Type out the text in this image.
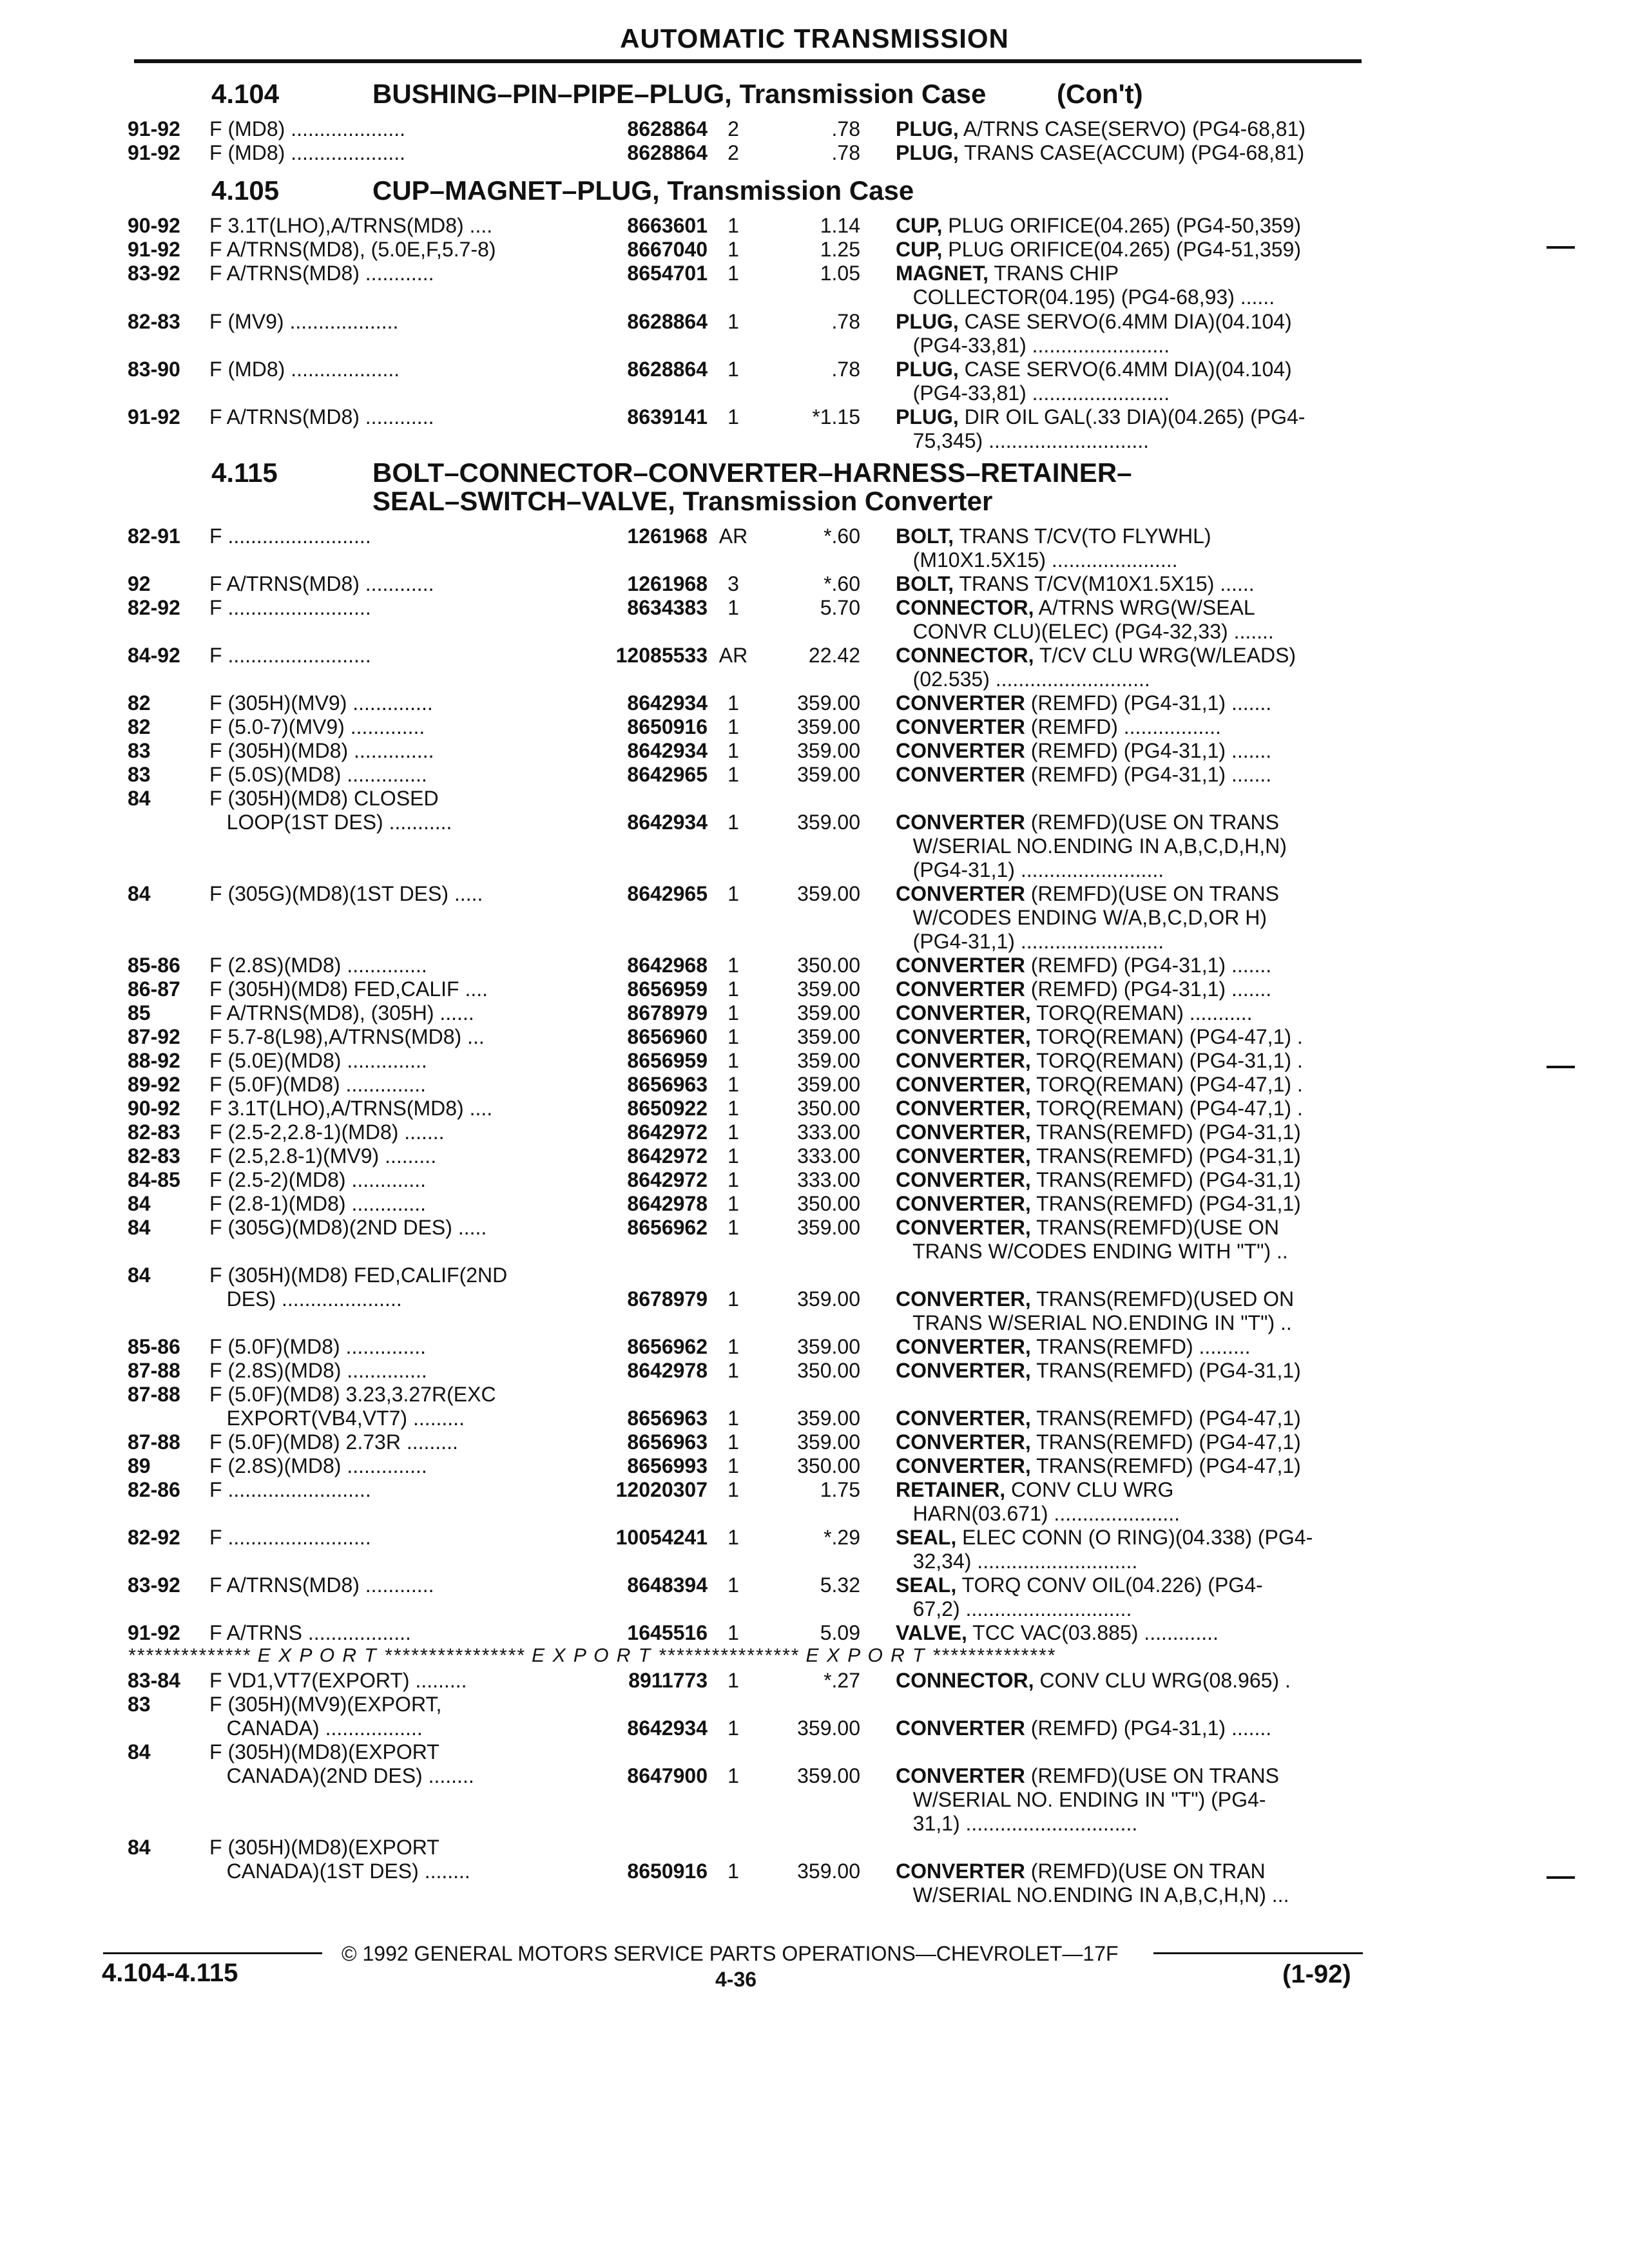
AUTOMATIC TRANSMISSION
4.104	BUSHING–PIN–PIPE–PLUG, Transmission Case	(Con't)
4.105	CUP–MAGNET–PLUG, Transmission Case
4.115	BOLT–CONNECTOR–CONVERTER–HARNESS–RETAINER–
SEAL–SWITCH–VALVE, Transmission Converter
91-92 F (MD8) ....................	8628864 2	.78 PLUG, A/TRNS CASE(SERVO) (PG4-68,81)
91-92 F (MD8) ....................	8628864 2	.78 PLUG, TRANS CASE(ACCUM) (PG4-68,81)
90-92 F 3.1T(LHO),A/TRNS(MD8) ....	8663601 1	1.14 CUP, PLUG ORIFICE(04.265) (PG4-50,359)
91-92 F A/TRNS(MD8), (5.0E,F,5.7-8)	8667040 1	1.25 CUP, PLUG ORIFICE(04.265) (PG4-51,359)
83-92 F A/TRNS(MD8) ............	8654701 1	1.05 MAGNET, TRANS CHIP
COLLECTOR(04.195) (PG4-68,93) ......
82-83 F (MV9) ...................	8628864 1	.78 PLUG, CASE SERVO(6.4MM DIA)(04.104)
(PG4-33,81) ........................
83-90 F (MD8) ...................	8628864 1	.78 PLUG, CASE SERVO(6.4MM DIA)(04.104)
(PG4-33,81) ........................
91-92 F A/TRNS(MD8) ............	8639141 1	*1.15 PLUG, DIR OIL GAL(.33 DIA)(04.265) (PG4-
75,345) ............................
82-91 F .........................	1261968 AR	*.60 BOLT, TRANS T/CV(TO FLYWHL)
(M10X1.5X15) ......................
92	F A/TRNS(MD8) ............	1261968 3	*.60 BOLT, TRANS T/CV(M10X1.5X15) ......
82-92 F .........................	8634383 1	5.70 CONNECTOR, A/TRNS WRG(W/SEAL
CONVR CLU)(ELEC) (PG4-32,33) .......
84-92 F .........................	12085533 AR	22.42 CONNECTOR, T/CV CLU WRG(W/LEADS)
(02.535) ...........................
82	F (305H)(MV9) ..............	8642934 1	359.00 CONVERTER (REMFD) (PG4-31,1) .......
82	F (5.0-7)(MV9) .............	8650916 1	359.00 CONVERTER (REMFD) .................
83	F (305H)(MD8) ..............	8642934 1	359.00 CONVERTER (REMFD) (PG4-31,1) .......
83	F (5.0S)(MD8) ..............	8642965 1	359.00 CONVERTER (REMFD) (PG4-31,1) .......
84	F (305H)(MD8) CLOSED
LOOP(1ST DES) ...........	8642934 1	359.00 CONVERTER (REMFD)(USE ON TRANS
W/SERIAL NO.ENDING IN A,B,C,D,H,N)
(PG4-31,1) .........................
84	F (305G)(MD8)(1ST DES) .....	8642965 1	359.00 CONVERTER (REMFD)(USE ON TRANS
W/CODES ENDING W/A,B,C,D,OR H)
(PG4-31,1) .........................
85-86 F (2.8S)(MD8) ..............	8642968 1	350.00 CONVERTER (REMFD) (PG4-31,1) .......
86-87 F (305H)(MD8) FED,CALIF ....	8656959 1	359.00 CONVERTER (REMFD) (PG4-31,1) .......
85	F A/TRNS(MD8), (305H) ......	8678979 1	359.00 CONVERTER, TORQ(REMAN) ...........
87-92 F 5.7-8(L98),A/TRNS(MD8) ...	8656960 1	359.00 CONVERTER, TORQ(REMAN) (PG4-47,1) .
88-92 F (5.0E)(MD8) ..............	8656959 1	359.00 CONVERTER, TORQ(REMAN) (PG4-31,1) .
89-92 F (5.0F)(MD8) ..............	8656963 1	359.00 CONVERTER, TORQ(REMAN) (PG4-47,1) .
90-92 F 3.1T(LHO),A/TRNS(MD8) ....	8650922 1	350.00 CONVERTER, TORQ(REMAN) (PG4-47,1) .
82-83 F (2.5-2,2.8-1)(MD8) .......	8642972 1	333.00 CONVERTER, TRANS(REMFD) (PG4-31,1)
82-83 F (2.5,2.8-1)(MV9) .........	8642972 1	333.00 CONVERTER, TRANS(REMFD) (PG4-31,1)
84-85 F (2.5-2)(MD8) .............	8642972 1	333.00 CONVERTER, TRANS(REMFD) (PG4-31,1)
84	F (2.8-1)(MD8) .............	8642978 1	350.00 CONVERTER, TRANS(REMFD) (PG4-31,1)
84	F (305G)(MD8)(2ND DES) .....	8656962 1	359.00 CONVERTER, TRANS(REMFD)(USE ON
TRANS W/CODES ENDING WITH "T") ..
84	F (305H)(MD8) FED,CALIF(2ND
DES) .....................	8678979 1	359.00 CONVERTER, TRANS(REMFD)(USED ON
TRANS W/SERIAL NO.ENDING IN "T") ..
85-86 F (5.0F)(MD8) ..............	8656962 1	359.00 CONVERTER, TRANS(REMFD) .........
87-88 F (2.8S)(MD8) ..............	8642978 1	350.00 CONVERTER, TRANS(REMFD) (PG4-31,1)
87-88 F (5.0F)(MD8) 3.23,3.27R(EXC
EXPORT(VB4,VT7) .........	8656963 1	359.00 CONVERTER, TRANS(REMFD) (PG4-47,1)
87-88 F (5.0F)(MD8) 2.73R .........	8656963 1	359.00 CONVERTER, TRANS(REMFD) (PG4-47,1)
89	F (2.8S)(MD8) ..............	8656993 1	350.00 CONVERTER, TRANS(REMFD) (PG4-47,1)
82-86 F .........................	12020307 1	1.75 RETAINER, CONV CLU WRG
HARN(03.671) ......................
82-92 F .........................	10054241 1	*.29 SEAL, ELEC CONN (O RING)(04.338) (PG4-
32,34) ............................
83-92 F A/TRNS(MD8) ............	8648394 1	5.32 SEAL, TORQ CONV OIL(04.226) (PG4-
67,2) .............................
91-92 F A/TRNS ..................	1645516 1	5.09 VALVE, TCC VAC(03.885) .............
************** E X P O R T **************** E X P O R T **************** E X P O R T **************
83-84 F VD1,VT7(EXPORT) .........	8911773 1	*.27 CONNECTOR, CONV CLU WRG(08.965) .
83	F (305H)(MV9)(EXPORT,
CANADA) .................	8642934 1	359.00 CONVERTER (REMFD) (PG4-31,1) .......
84	F (305H)(MD8)(EXPORT
CANADA)(2ND DES) ........	8647900 1	359.00 CONVERTER (REMFD)(USE ON TRANS
W/SERIAL NO. ENDING IN "T") (PG4-
31,1) ..............................
84	F (305H)(MD8)(EXPORT
CANADA)(1ST DES) ........	8650916 1	359.00 CONVERTER (REMFD)(USE ON TRAN
W/SERIAL NO.ENDING IN A,B,C,H,N) ...
© 1992 GENERAL MOTORS SERVICE PARTS OPERATIONS—CHEVROLET—17F
4.104-4.115	4-36	(1-92)
